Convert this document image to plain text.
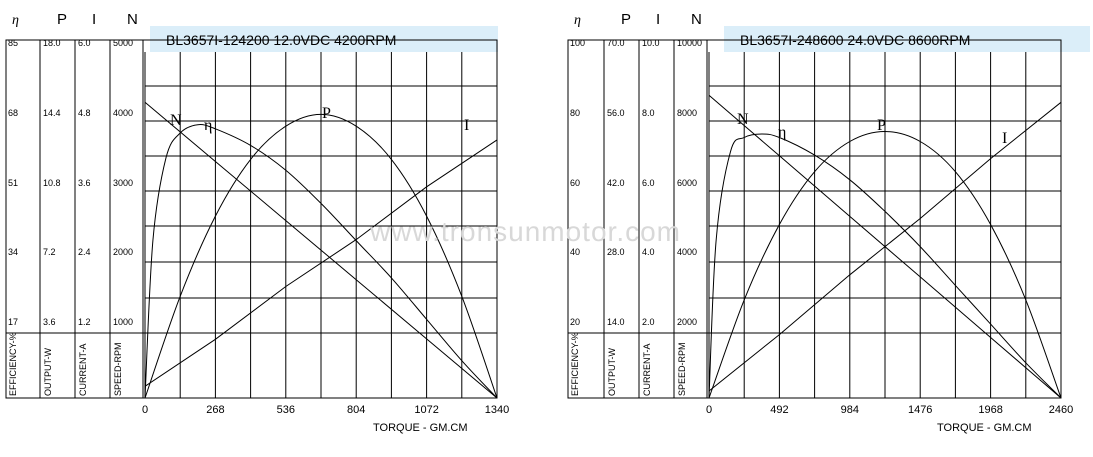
BL3657I-124200 12.0VDC 4200RPM
η
85
68
51
34
17
EFFICIENCY-%
P
18.0
14.4
10.8
7.2
3.6
OUTPUT-W
I
6.0
4.8
3.6
2.4
1.2
CURRENT-A
N
5000
4000
3000
2000
1000
SPEED-RPM
0	268	536	804	1072	1340
TORQUE - GM.CM
N	I
P
η
BL3657I-248600 24.0VDC 8600RPM
η
100
80
60
40
20
EFFICIENCY-%
P
70.0
56.0
42.0
28.0
14.0
OUTPUT-W
I
10.0
8.0
6.0
4.0
2.0
CURRENT-A
N
10000
8000
6000
4000
2000
SPEED-RPM
0	492	984	1476	1968	2460
TORQUE - GM.CM
N
I
P
η
www.tronsunmotor.com
